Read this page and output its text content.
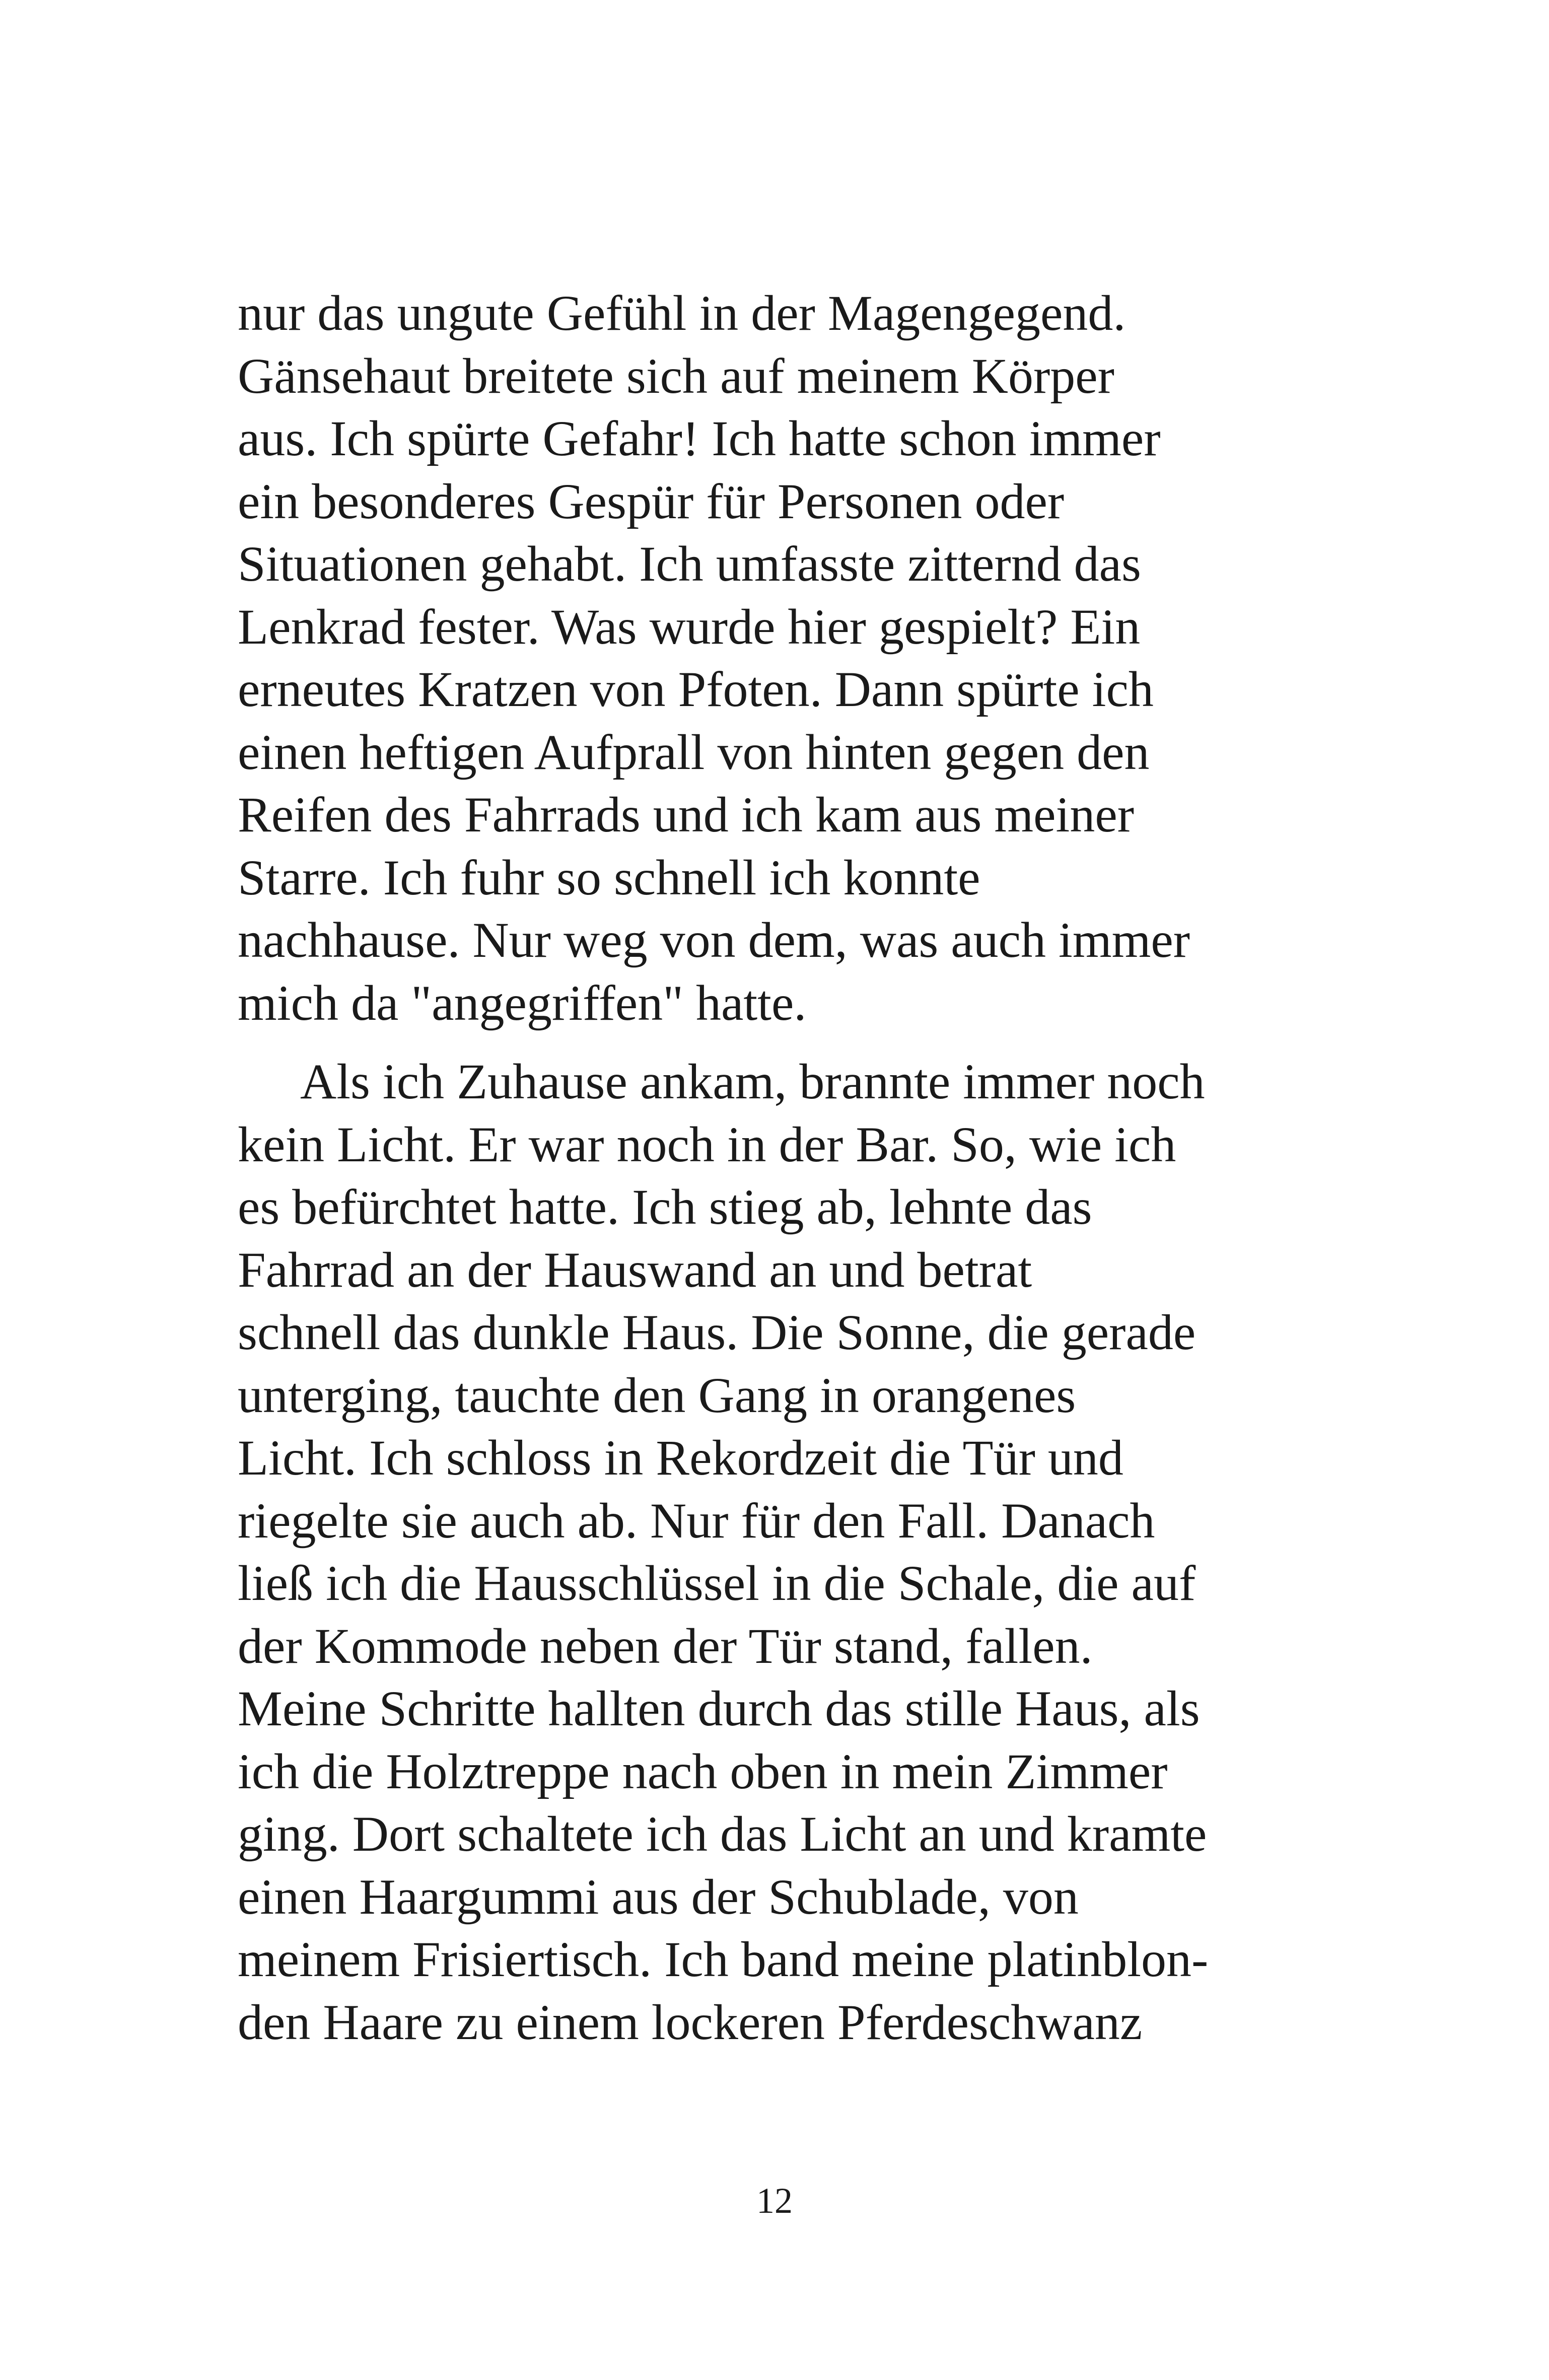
nur das ungute Gefühl in der Magengegend.
Gänsehaut breitete sich auf meinem Körper
aus. Ich spürte Gefahr! Ich hatte schon immer
ein besonderes Gespür für Personen oder
Situationen gehabt. Ich umfasste zitternd das
Lenkrad fester. Was wurde hier gespielt? Ein
erneutes Kratzen von Pfoten. Dann spürte ich
einen heftigen Aufprall von hinten gegen den
Reifen des Fahrrads und ich kam aus meiner
Starre. Ich fuhr so schnell ich konnte
nachhause. Nur weg von dem, was auch immer
mich da "angegriffen" hatte.
Als ich Zuhause ankam, brannte immer noch
kein Licht. Er war noch in der Bar. So, wie ich
es befürchtet hatte. Ich stieg ab, lehnte das
Fahrrad an der Hauswand an und betrat
schnell das dunkle Haus. Die Sonne, die gerade
unterging, tauchte den Gang in orangenes
Licht. Ich schloss in Rekordzeit die Tür und
riegelte sie auch ab. Nur für den Fall. Danach
ließ ich die Hausschlüssel in die Schale, die auf
der Kommode neben der Tür stand, fallen.
Meine Schritte hallten durch das stille Haus, als
ich die Holztreppe nach oben in mein Zimmer
ging. Dort schaltete ich das Licht an und kramte
einen Haargummi aus der Schublade, von
meinem Frisiertisch. Ich band meine platinblon-
den Haare zu einem lockeren Pferdeschwanz
12
